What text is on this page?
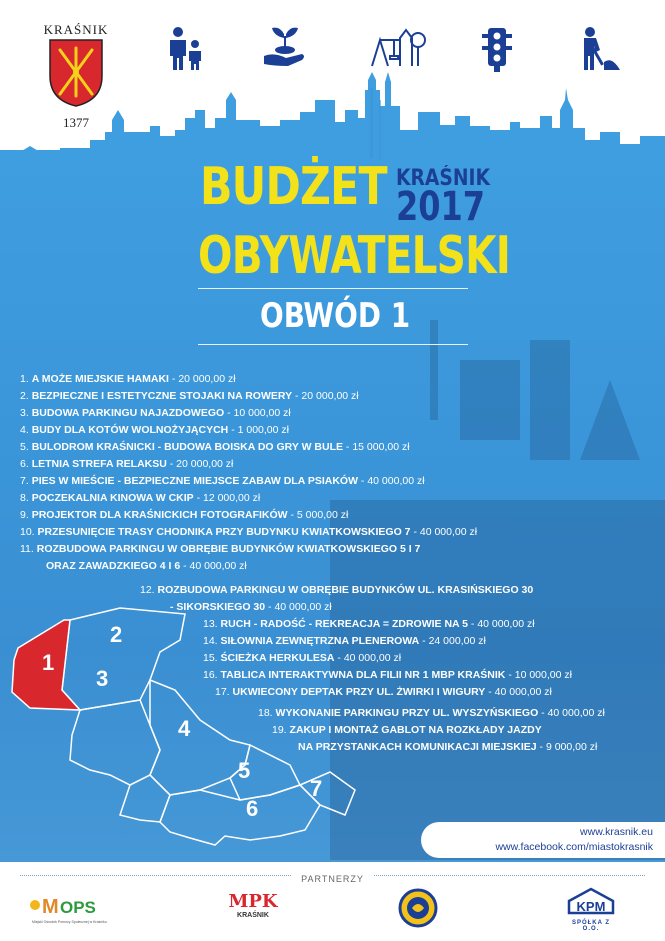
KRAŚNIK
1377
BUDŻET KRAŚNIK
2017
OBYWATELSKI
OBWÓD 1
1. A MOŻE MIEJSKIE HAMAKI - 20 000,00 zł
2. BEZPIECZNE I ESTETYCZNE STOJAKI NA ROWERY - 20 000,00 zł
3. BUDOWA PARKINGU NAJAZDOWEGO - 10 000,00 zł
4. BUDY DLA KOTÓW WOLNOŻYJĄCYCH - 1 000,00 zł
5. BULODROM KRAŚNICKI - BUDOWA BOISKA DO GRY W BULE - 15 000,00 zł
6. LETNIA STREFA RELAKSU - 20 000,00 zł
7. PIES W MIEŚCIE - BEZPIECZNE MIEJSCE ZABAW DLA PSIAKÓW - 40 000,00 zł
8. POCZEKALNIA KINOWA W CKIP - 12 000,00 zł
9. PROJEKTOR DLA KRAŚNICKICH FOTOGRAFIKÓW - 5 000,00 zł
10. PRZESUNIĘCIE TRASY CHODNIKA PRZY BUDYNKU KWIATKOWSKIEGO 7 - 40 000,00 zł
11. ROZBUDOWA PARKINGU W OBRĘBIE BUDYNKÓW KWIATKOWSKIEGO 5 I 7
ORAZ ZAWADZKIEGO 4 I 6 - 40 000,00 zł
12. ROZBUDOWA PARKINGU W OBRĘBIE BUDYNKÓW UL. KRASIŃSKIEGO 30
- SIKORSKIEGO 30 - 40 000,00 zł
13. RUCH - RADOŚĆ - REKREACJA = ZDROWIE NA 5 - 40 000,00 zł
14. SIŁOWNIA ZEWNĘTRZNA PLENEROWA - 24 000,00 zł
15. ŚCIEŻKA HERKULESA - 40 000,00 zł
16. TABLICA INTERAKTYWNA DLA FILII NR 1 MBP KRAŚNIK - 10 000,00 zł
17. UKWIECONY DEPTAK PRZY UL. ŻWIRKI I WIGURY - 40 000,00 zł
18. WYKONANIE PARKINGU PRZY UL. WYSZYŃSKIEGO - 40 000,00 zł
19. ZAKUP I MONTAŻ GABLOT NA ROZKŁADY JAZDY
NA PRZYSTANKACH KOMUNIKACJI MIEJSKIEJ - 9 000,00 zł
1
2
3
4
5
6
7
www.krasnik.eu
www.facebook.com/miastokrasnik
PARTNERZY
M OPS
Miejski Ośrodek Pomocy Społecznej w Kraśniku
MPK
KRAŚNIK
KPM
SPÓŁKA Z O.O.
